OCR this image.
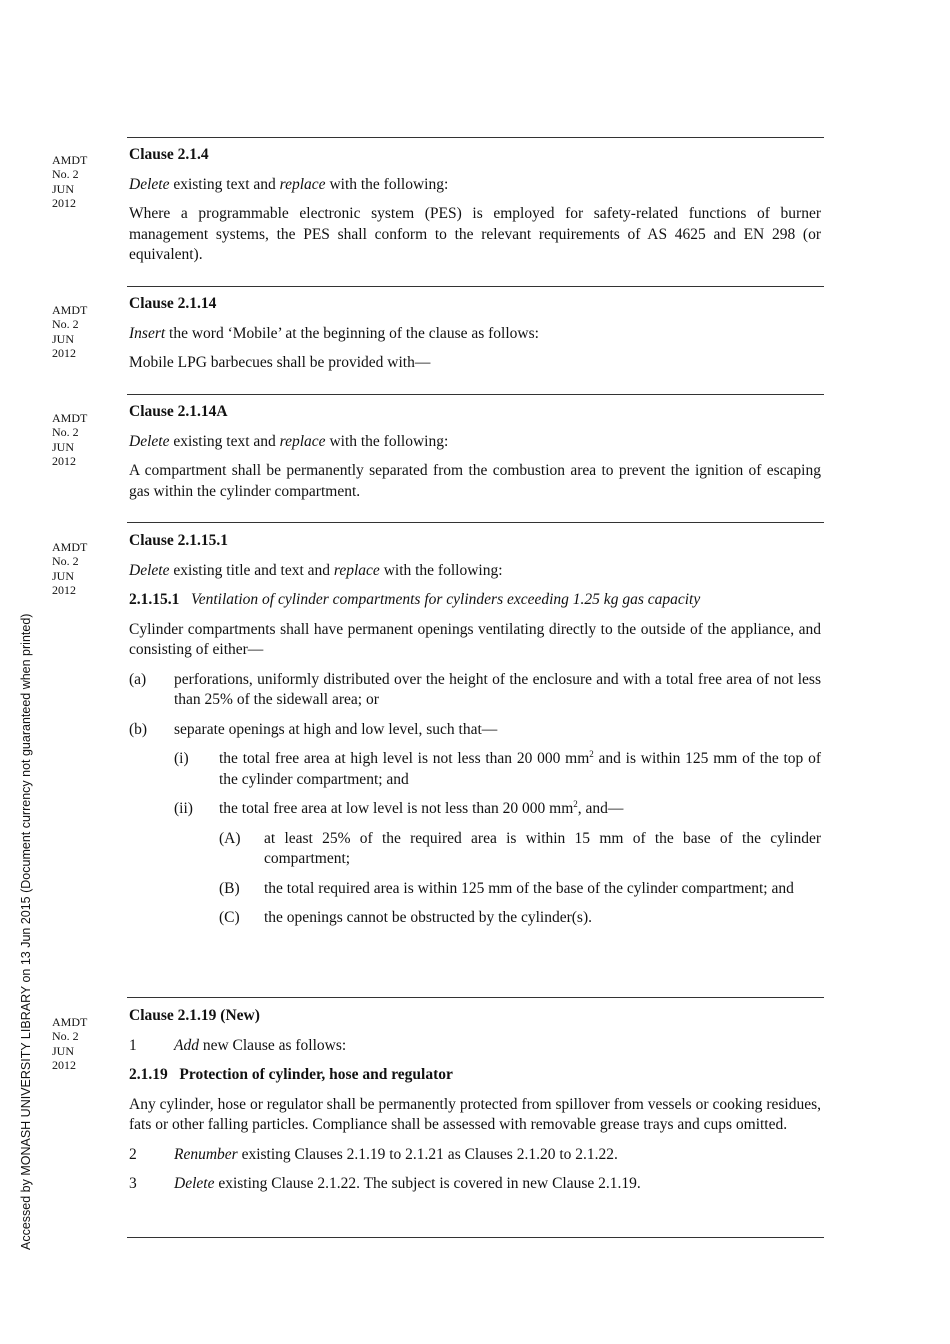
Accessed by MONASH UNIVERSITY LIBRARY on 13 Jun 2015 (Document currency not guaranteed when printed)
AMDT
No. 2
JUN
2012
AMDT
No. 2
JUN
2012
AMDT
No. 2
JUN
2012
AMDT
No. 2
JUN
2012
AMDT
No. 2
JUN
2012

Clause 2.1.4

Delete existing text and replace with the following:

Where a programmable electronic system (PES) is employed for safety-related functions of burner management systems, the PES shall conform to the relevant requirements of AS 4625 and EN 298 (or equivalent).

Clause 2.1.14

Insert the word ‘Mobile’ at the beginning of the clause as follows:

Mobile LPG barbecues shall be provided with—

Clause 2.1.14A

Delete existing text and replace with the following:

A compartment shall be permanently separated from the combustion area to prevent the ignition of escaping gas within the cylinder compartment.

Clause 2.1.15.1

Delete existing title and text and replace with the following:

2.1.15.1 Ventilation of cylinder compartments for cylinders exceeding 1.25 kg gas capacity

Cylinder compartments shall have permanent openings ventilating directly to the outside of the appliance, and consisting of either—

(a)	perforations, uniformly distributed over the height of the enclosure and with a total free area of not less than 25% of the sidewall area; or
(b)	separate openings at high and low level, such that—
(i)	the total free area at high level is not less than 20 000 $mm^2$ and is within 125 mm of the top of the cylinder compartment; and
(ii)	the total free area at low level is not less than 20 000 $mm^2$, and—
(A)	at least 25% of the required area is within 15 mm of the base of the cylinder compartment;
(B)	the total required area is within 125 mm of the base of the cylinder compartment; and
(C)	the openings cannot be obstructed by the cylinder(s).

Clause 2.1.19 (New)

1	Add new Clause as follows:

2.1.19   Protection of cylinder, hose and regulator

Any cylinder, hose or regulator shall be permanently protected from spillover from vessels or cooking residues, fats or other falling particles. Compliance shall be assessed with removable grease trays and cups omitted.

2	Renumber existing Clauses 2.1.19 to 2.1.21 as Clauses 2.1.20 to 2.1.22.
3	Delete existing Clause 2.1.22. The subject is covered in new Clause 2.1.19.
